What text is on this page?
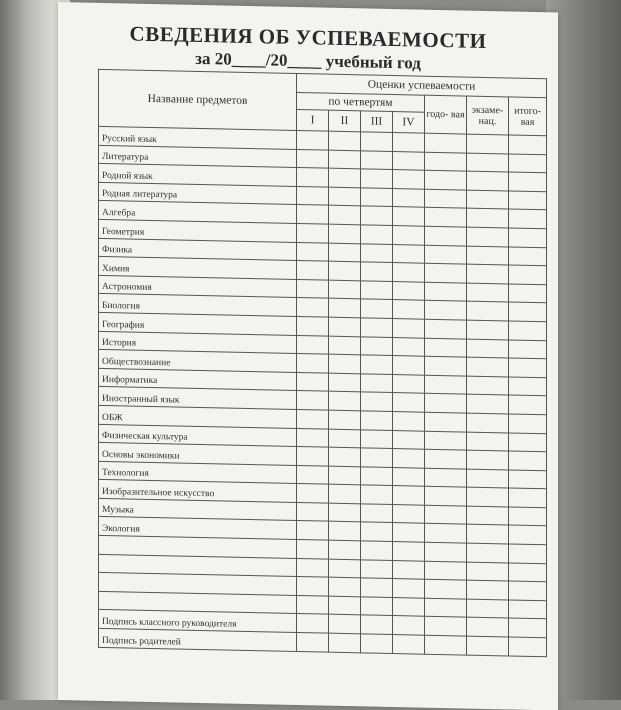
СВЕДЕНИЯ ОБ УСПЕВАЕМОСТИ
за 20____/20____ учебный год
Название предметов	Оценки успеваемости						
	по четвертям				годо- вая	экзаме- нац.	итого- вая
	I	II	III	IV			
Русский язык							
Литература							
Родной язык							
Родная литература							
Алгебра							
Геометрия							
Физика							
Химия							
Астрономия							
Биология							
География							
История							
Обществознание							
Информатика							
Иностранный язык							
ОБЖ							
Физическая культура							
Основы экономики							
Технология							
Изобразительное искусство							
Музыка							
Экология							

Подпись классного руководителя							
Подпись родителей							
